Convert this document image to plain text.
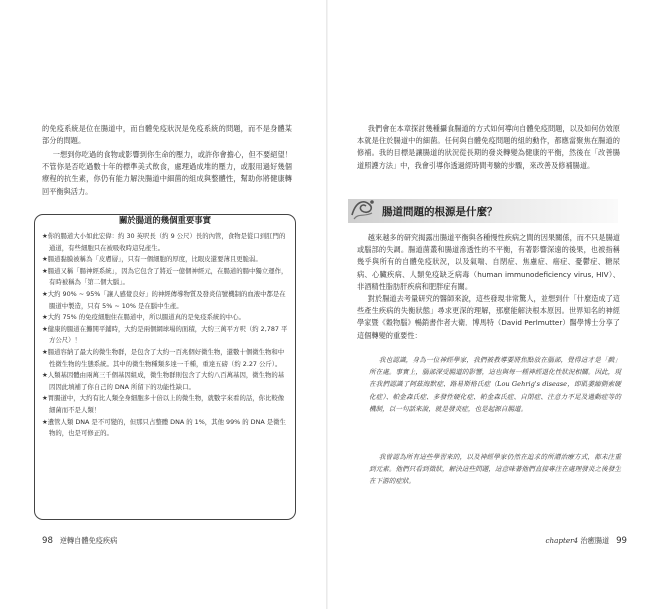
的免疫系統是位在腸道中，而自體免疫狀況是免疫系統的問題，而不是身體某部分的問題。

一想到你吃過的食物或影響到你生命的壓力，或許你會擔心，但不要絕望！不管你是否吃過數十年的標準美式飲食，處理過成堆的壓力，或服用過好幾個療程的抗生素，你仍有能力解決腸道中細菌的組成與整體性，幫助你將健康轉回平衡與活力。

關於腸道的幾個重要事實
★你的腸道大小如此宏偉：約 30 英呎長（約 9 公尺）長的內管，食物是從口到肛門的通道，有些細胞只在被吸收時這兒產生。
★腸道黏膜被稱為「皮膚層」，只有一個細胞的厚度，比眼皮還要薄且更脆弱。
★腸道又稱「腸神經系統」，因為它包含了將近一億個神經元，在腸道的腸中獨立運作，有時被稱為「第二個大腦」。
★大約 90% ~ 95%「讓人感覺良好」的神經傳導物質及發炎信號機制的血液中都是在腸道中製造，只有 5% ~ 10% 是在腦中生產。
★大約 75% 的免疫細胞住在腸道中，所以腸道真的是免疫系統的中心。
★健康的腸道在攤開平鋪時，大約是兩個網球場的面積，大約三萬平方呎（約 2,787 平方公尺）！
★腸道容納了最大的微生物群，是包含了大約一百兆個好微生物，還數十個微生物和中性微生物的生態系統。其中的微生物種類多達一千種，重達五磅（約 2.27 公斤）。
★人類基因體由兩萬三千個基因組成，微生物群則包含了大約八百萬基因，微生物的基因因此填補了你自己的 DNA 所留下的功能性缺口。
★胃腸道中，大約有比人類全身細胞多十倍以上的微生物，就數字來看的話，你比較像細菌而不是人類！
★遺管人類 DNA 是不可變的，但那只占整體 DNA 的 1%，其他 99% 的 DNA 是微生物的，也是可修正的。
98 逆轉自體免疫疾病

我們會在本章探討幾種攝食腸道的方式如何導向自體免疫問題，以及如何仿效原本就是住於腸道中的細菌。任何與自體免疫問題的組的動作，都應當聚焦在腸道的修補。我的目標是讓腸道的狀況從長期的發炎轉變為健康的平衡，然後在「改善腸道照護方法」中，我會引導你透過經時間考驗的步驟，來改善及修補腸道。

腸道問題的根源是什麼？

越來越多的研究揭露出腸道平衡與各種慢性疾病之間的因果關係，而不只是腸道或腦部的失調。腸道菌叢和腸道滲透性的不平衡，有著影響深遠的後果，也被指稱幾乎與所有的自體免疫狀況，以及氣喘、自閉症、焦慮症、癌症、憂鬱症、糖尿病、心臟疾病、人類免疫缺乏病毒（human immunodeficiency virus, HIV）、非酒精性脂肪肝疾病和肥胖症有關。

對於腸道去考量研究的醫師來說，這些發現非常驚人，並想到什「什麼造成了這些產生疾病的失衡狀態」尋求更深的理解，那麼能解決根本原因。世界知名的神經學家暨《穀物腦》暢銷書作者大衛．博馬特（David Perlmutter）醫學博士分享了這個轉變的重要性：

我也認識，身為一位神經學家，我們被教導要將焦點放在腦部，覺得這才是「戲」所在處。事實上，腦部深受腸道的影響，這也與每一種神經退化性狀況相關。因此，現在我們認識了阿茲海默症、路易斯格氏症（Lou Gehrig's disease，即肌萎縮側索硬化症）、帕金森氏症、多發性硬化症、帕金森氏症、自閉症、注意力不足及過動症等的機制，以一句話來說，就是發炎症，也是起源自腸道。

我曾認為所有這些學習來的，以及神經學家仍然在追求的所謂治療方式，都未注重到元素。他們只看到徵狀，解決這些問題，這意味著他們直接專注在處理發炎之後發生在下游的症狀。

chapter4 治癒腸道 99
